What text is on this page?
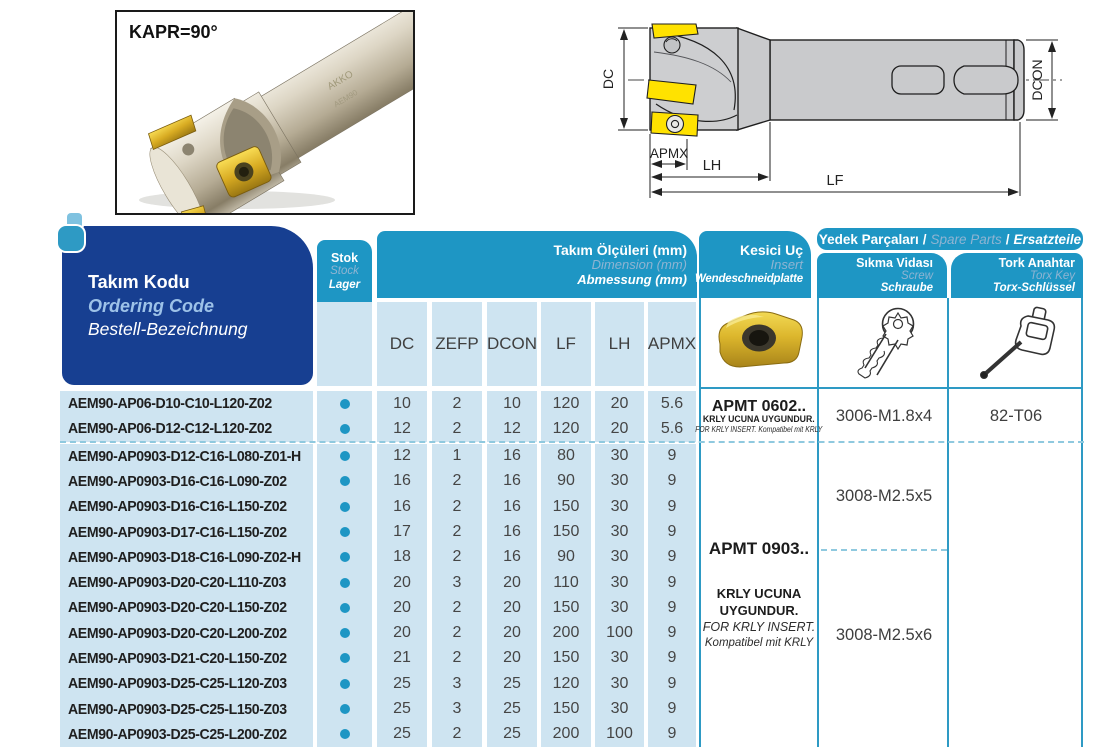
KAPR=90°
AKKO
AEM90
DC	DCON
APMX
LH
LF
Takım Kodu
Ordering Code
Bestell-Bezeichnung
Stok
Stock
Lager
Takım Ölçüleri (mm)
Dimension (mm)
Abmessung (mm)
Kesici Uç
Insert
Wendeschneidplatte
Yedek Parçaları / Spare Parts / Ersatzteile
Sıkma Vidası
Screw
Schraube
Tork Anahtar
Torx Key
Torx-Schlüssel
DC	ZEFP DCON	LF	LH	APMX
AEM90-AP06-D10-C10-L120-Z02	10	2	10	120	20	5.6
AEM90-AP06-D12-C12-L120-Z02	12	2	12	120	20	5.6
AEM90-AP0903-D12-C16-L080-Z01-H	12	1	16	80	30	9
AEM90-AP0903-D16-C16-L090-Z02	16	2	16	90	30	9
AEM90-AP0903-D16-C16-L150-Z02	16	2	16	150	30	9
AEM90-AP0903-D17-C16-L150-Z02	17	2	16	150	30	9
AEM90-AP0903-D18-C16-L090-Z02-H	18	2	16	90	30	9
AEM90-AP0903-D20-C20-L110-Z03	20	3	20	110	30	9
AEM90-AP0903-D20-C20-L150-Z02	20	2	20	150	30	9
AEM90-AP0903-D20-C20-L200-Z02	20	2	20	200	100	9
AEM90-AP0903-D21-C20-L150-Z02	21	2	20	150	30	9
AEM90-AP0903-D25-C25-L120-Z03	25	3	25	120	30	9
AEM90-AP0903-D25-C25-L150-Z03	25	3	25	150	30	9
AEM90-AP0903-D25-C25-L200-Z02	25	2	25	200	100	9
APMT 0602..
KRLY UCUNA UYGUNDUR.
FOR KRLY INSERT. Kompatibel mit KRLY
3006-M1.8x4	82-T06
APMT 0903..
KRLY UCUNA
UYGUNDUR.
FOR KRLY INSERT.
Kompatibel mit KRLY
3008-M2.5x5
3008-M2.5x6
